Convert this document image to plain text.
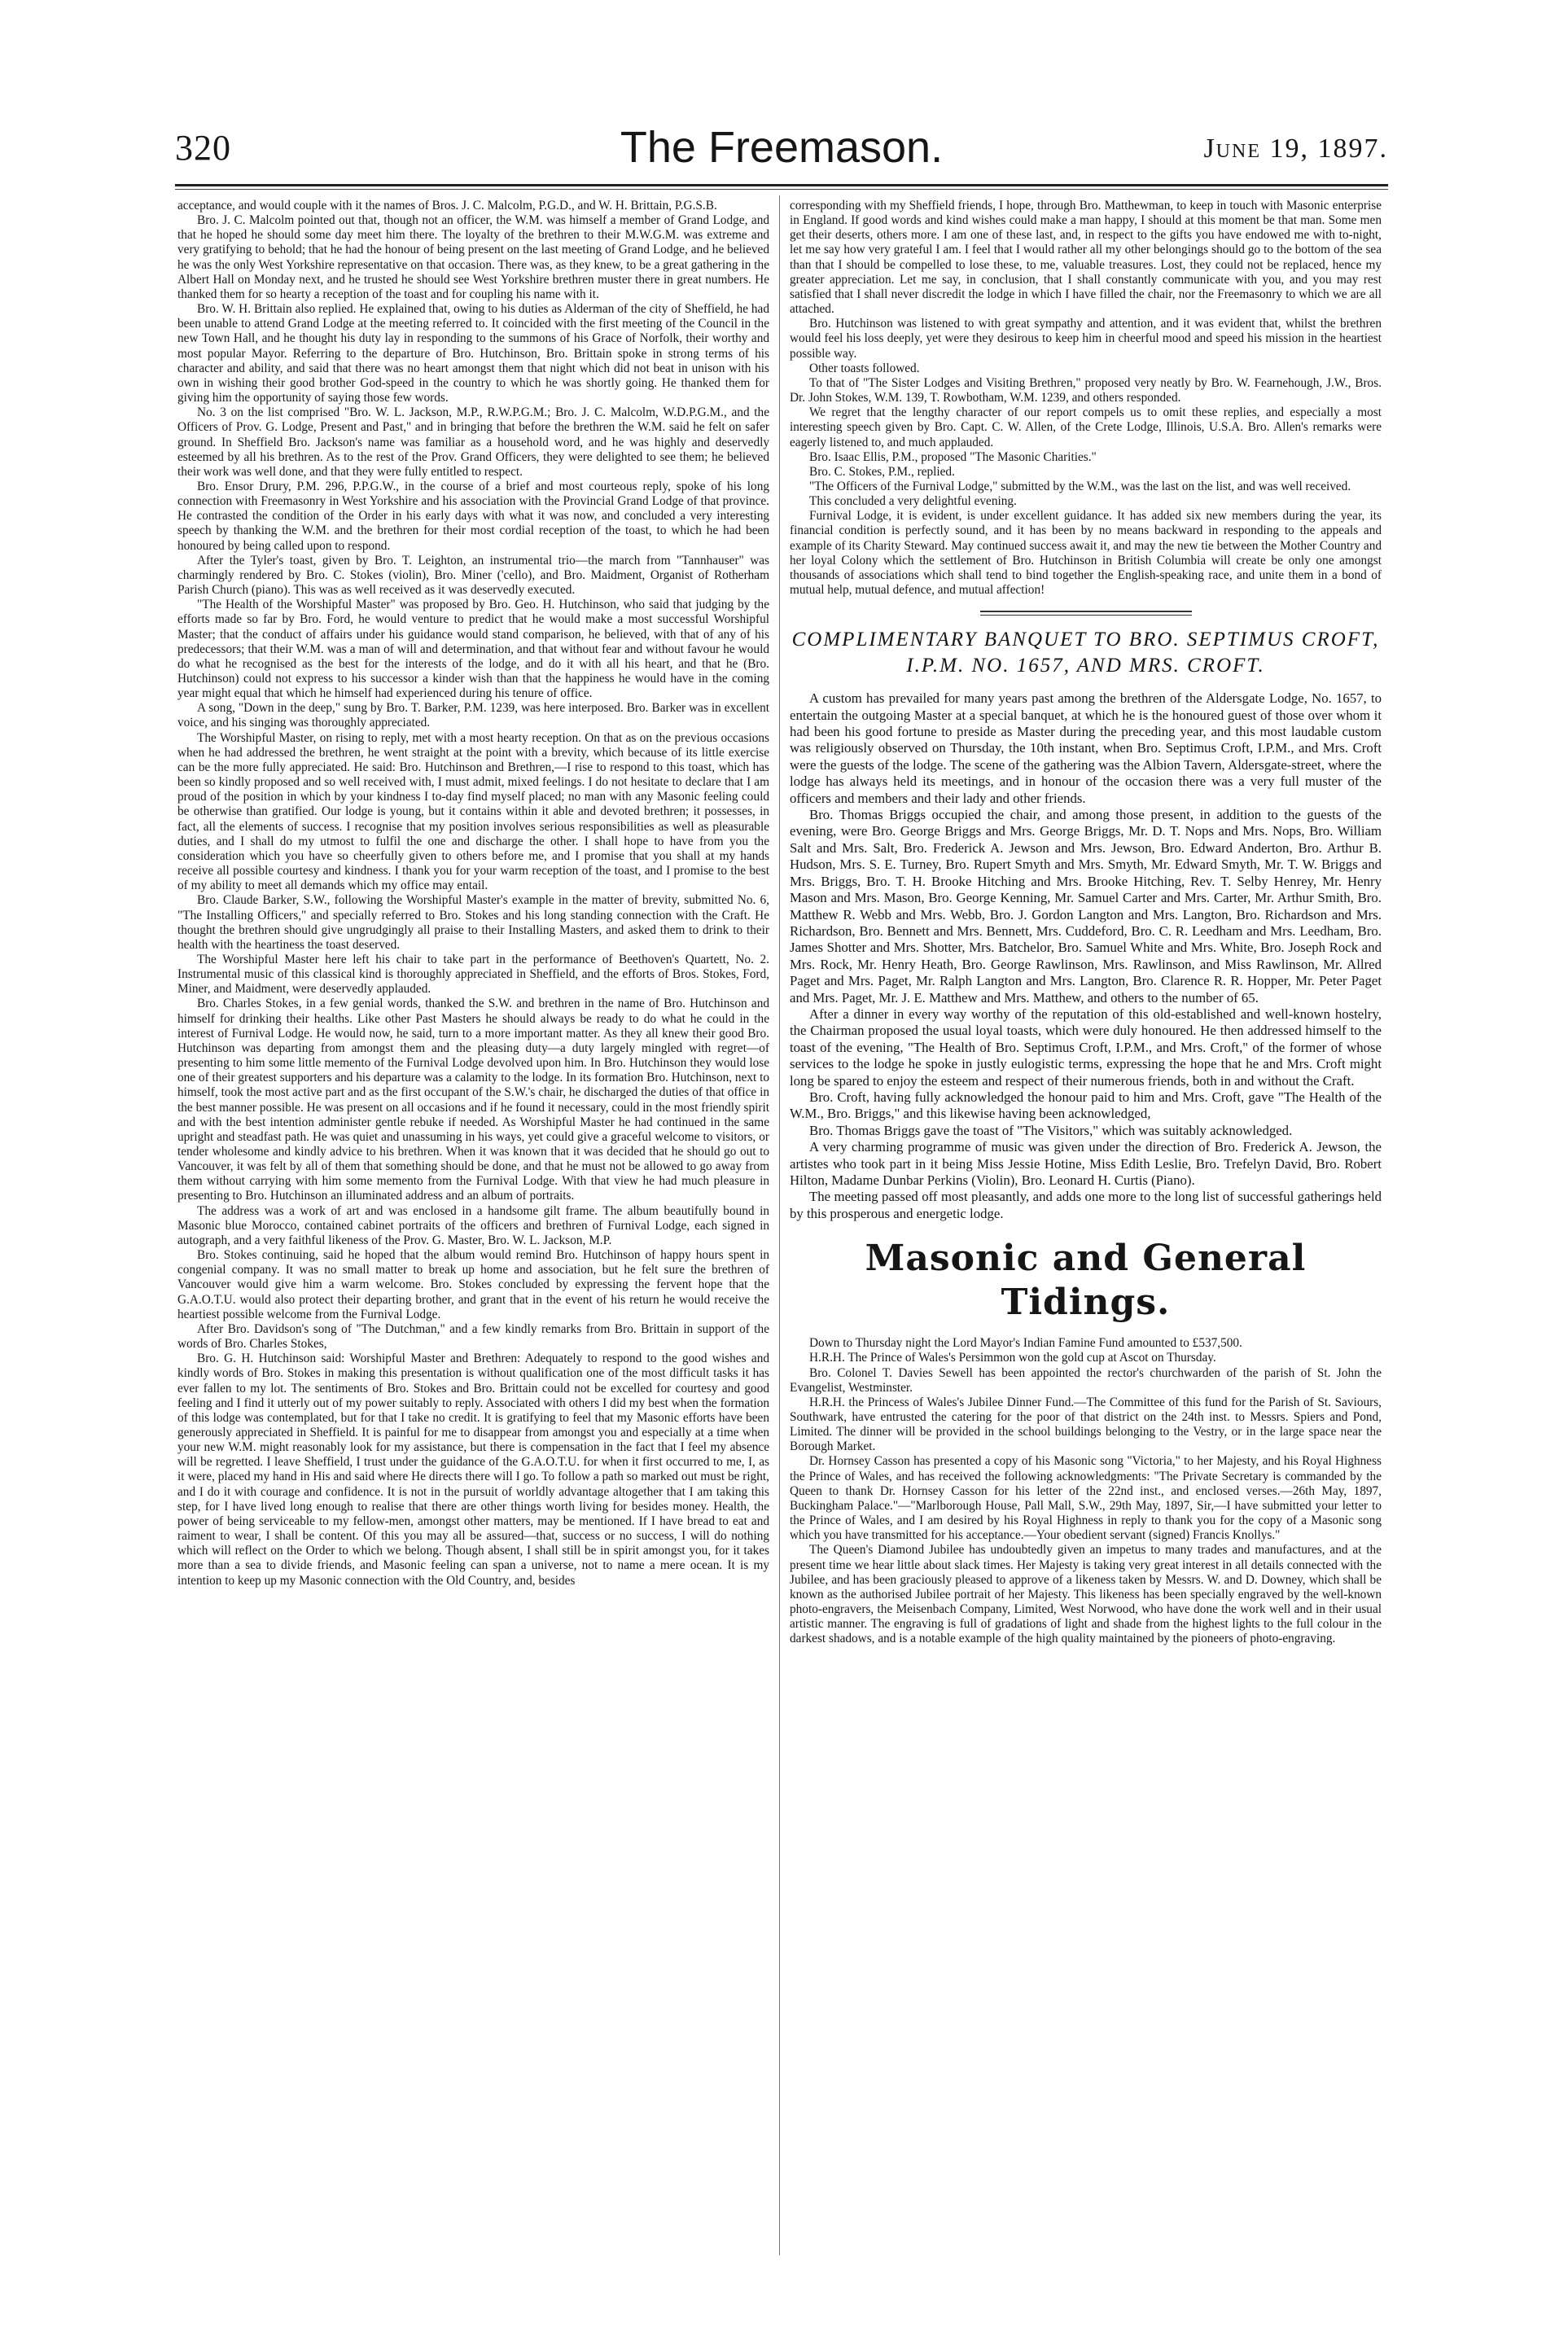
320	The Freemason.	June 19, 1897.

acceptance, and would couple with it the names of Bros. J. C. Malcolm, P.G.D., and W. H. Brittain, P.G.S.B.

Bro. J. C. Malcolm pointed out that, though not an officer, the W.M. was himself a member of Grand Lodge, and that he hoped he should some day meet him there. The loyalty of the brethren to their M.W.G.M. was extreme and very gratifying to behold; that he had the honour of being present on the last meeting of Grand Lodge, and he believed he was the only West Yorkshire representative on that occasion. There was, as they knew, to be a great gathering in the Albert Hall on Monday next, and he trusted he should see West Yorkshire brethren muster there in great numbers. He thanked them for so hearty a reception of the toast and for coupling his name with it.

Bro. W. H. Brittain also replied. He explained that, owing to his duties as Alderman of the city of Sheffield, he had been unable to attend Grand Lodge at the meeting referred to. It coincided with the first meeting of the Council in the new Town Hall, and he thought his duty lay in responding to the summons of his Grace of Norfolk, their worthy and most popular Mayor. Referring to the departure of Bro. Hutchinson, Bro. Brittain spoke in strong terms of his character and ability, and said that there was no heart amongst them that night which did not beat in unison with his own in wishing their good brother God-speed in the country to which he was shortly going. He thanked them for giving him the opportunity of saying those few words.

No. 3 on the list comprised "Bro. W. L. Jackson, M.P., R.W.P.G.M.; Bro. J. C. Malcolm, W.D.P.G.M., and the Officers of Prov. G. Lodge, Present and Past," and in bringing that before the brethren the W.M. said he felt on safer ground. In Sheffield Bro. Jackson's name was familiar as a household word, and he was highly and deservedly esteemed by all his brethren. As to the rest of the Prov. Grand Officers, they were delighted to see them; he believed their work was well done, and that they were fully entitled to respect.

Bro. Ensor Drury, P.M. 296, P.P.G.W., in the course of a brief and most courteous reply, spoke of his long connection with Freemasonry in West Yorkshire and his association with the Provincial Grand Lodge of that province. He contrasted the condition of the Order in his early days with what it was now, and concluded a very interesting speech by thanking the W.M. and the brethren for their most cordial reception of the toast, to which he had been honoured by being called upon to respond.

After the Tyler's toast, given by Bro. T. Leighton, an instrumental trio—the march from "Tannhauser" was charmingly rendered by Bro. C. Stokes (violin), Bro. Miner ('cello), and Bro. Maidment, Organist of Rotherham Parish Church (piano). This was as well received as it was deservedly executed.

"The Health of the Worshipful Master" was proposed by Bro. Geo. H. Hutchinson, who said that judging by the efforts made so far by Bro. Ford, he would venture to predict that he would make a most successful Worshipful Master; that the conduct of affairs under his guidance would stand comparison, he believed, with that of any of his predecessors; that their W.M. was a man of will and determination, and that without fear and without favour he would do what he recognised as the best for the interests of the lodge, and do it with all his heart, and that he (Bro. Hutchinson) could not express to his successor a kinder wish than that the happiness he would have in the coming year might equal that which he himself had experienced during his tenure of office.

A song, "Down in the deep," sung by Bro. T. Barker, P.M. 1239, was here interposed. Bro. Barker was in excellent voice, and his singing was thoroughly appreciated.

The Worshipful Master, on rising to reply, met with a most hearty reception. On that as on the previous occasions when he had addressed the brethren, he went straight at the point with a brevity, which because of its little exercise can be the more fully appreciated. He said: Bro. Hutchinson and Brethren,—I rise to respond to this toast, which has been so kindly proposed and so well received with, I must admit, mixed feelings. I do not hesitate to declare that I am proud of the position in which by your kindness I to-day find myself placed; no man with any Masonic feeling could be otherwise than gratified. Our lodge is young, but it contains within it able and devoted brethren; it possesses, in fact, all the elements of success. I recognise that my position involves serious responsibilities as well as pleasurable duties, and I shall do my utmost to fulfil the one and discharge the other. I shall hope to have from you the consideration which you have so cheerfully given to others before me, and I promise that you shall at my hands receive all possible courtesy and kindness. I thank you for your warm reception of the toast, and I promise to the best of my ability to meet all demands which my office may entail.

Bro. Claude Barker, S.W., following the Worshipful Master's example in the matter of brevity, submitted No. 6, "The Installing Officers," and specially referred to Bro. Stokes and his long standing connection with the Craft. He thought the brethren should give ungrudgingly all praise to their Installing Masters, and asked them to drink to their health with the heartiness the toast deserved.

The Worshipful Master here left his chair to take part in the performance of Beethoven's Quartett, No. 2. Instrumental music of this classical kind is thoroughly appreciated in Sheffield, and the efforts of Bros. Stokes, Ford, Miner, and Maidment, were deservedly applauded.

Bro. Charles Stokes, in a few genial words, thanked the S.W. and brethren in the name of Bro. Hutchinson and himself for drinking their healths. Like other Past Masters he should always be ready to do what he could in the interest of Furnival Lodge. He would now, he said, turn to a more important matter. As they all knew their good Bro. Hutchinson was departing from amongst them and the pleasing duty—a duty largely mingled with regret—of presenting to him some little memento of the Furnival Lodge devolved upon him. In Bro. Hutchinson they would lose one of their greatest supporters and his departure was a calamity to the lodge. In its formation Bro. Hutchinson, next to himself, took the most active part and as the first occupant of the S.W.'s chair, he discharged the duties of that office in the best manner possible. He was present on all occasions and if he found it necessary, could in the most friendly spirit and with the best intention administer gentle rebuke if needed. As Worshipful Master he had continued in the same upright and steadfast path. He was quiet and unassuming in his ways, yet could give a graceful welcome to visitors, or tender wholesome and kindly advice to his brethren. When it was known that it was decided that he should go out to Vancouver, it was felt by all of them that something should be done, and that he must not be allowed to go away from them without carrying with him some memento from the Furnival Lodge. With that view he had much pleasure in presenting to Bro. Hutchinson an illuminated address and an album of portraits.

The address was a work of art and was enclosed in a handsome gilt frame. The album beautifully bound in Masonic blue Morocco, contained cabinet portraits of the officers and brethren of Furnival Lodge, each signed in autograph, and a very faithful likeness of the Prov. G. Master, Bro. W. L. Jackson, M.P.

Bro. Stokes continuing, said he hoped that the album would remind Bro. Hutchinson of happy hours spent in congenial company. It was no small matter to break up home and association, but he felt sure the brethren of Vancouver would give him a warm welcome. Bro. Stokes concluded by expressing the fervent hope that the G.A.O.T.U. would also protect their departing brother, and grant that in the event of his return he would receive the heartiest possible welcome from the Furnival Lodge.

After Bro. Davidson's song of "The Dutchman," and a few kindly remarks from Bro. Brittain in support of the words of Bro. Charles Stokes,

Bro. G. H. Hutchinson said: Worshipful Master and Brethren: Adequately to respond to the good wishes and kindly words of Bro. Stokes in making this presentation is without qualification one of the most difficult tasks it has ever fallen to my lot. The sentiments of Bro. Stokes and Bro. Brittain could not be excelled for courtesy and good feeling and I find it utterly out of my power suitably to reply. Associated with others I did my best when the formation of this lodge was contemplated, but for that I take no credit. It is gratifying to feel that my Masonic efforts have been generously appreciated in Sheffield. It is painful for me to disappear from amongst you and especially at a time when your new W.M. might reasonably look for my assistance, but there is compensation in the fact that I feel my absence will be regretted. I leave Sheffield, I trust under the guidance of the G.A.O.T.U. for when it first occurred to me, I, as it were, placed my hand in His and said where He directs there will I go. To follow a path so marked out must be right, and I do it with courage and confidence. It is not in the pursuit of worldly advantage altogether that I am taking this step, for I have lived long enough to realise that there are other things worth living for besides money. Health, the power of being serviceable to my fellow-men, amongst other matters, may be mentioned. If I have bread to eat and raiment to wear, I shall be content. Of this you may all be assured—that, success or no success, I will do nothing which will reflect on the Order to which we belong. Though absent, I shall still be in spirit amongst you, for it takes more than a sea to divide friends, and Masonic feeling can span a universe, not to name a mere ocean. It is my intention to keep up my Masonic connection with the Old Country, and, besides

corresponding with my Sheffield friends, I hope, through Bro. Matthewman, to keep in touch with Masonic enterprise in England. If good words and kind wishes could make a man happy, I should at this moment be that man. Some men get their deserts, others more. I am one of these last, and, in respect to the gifts you have endowed me with to-night, let me say how very grateful I am. I feel that I would rather all my other belongings should go to the bottom of the sea than that I should be compelled to lose these, to me, valuable treasures. Lost, they could not be replaced, hence my greater appreciation. Let me say, in conclusion, that I shall constantly communicate with you, and you may rest satisfied that I shall never discredit the lodge in which I have filled the chair, nor the Freemasonry to which we are all attached.

Bro. Hutchinson was listened to with great sympathy and attention, and it was evident that, whilst the brethren would feel his loss deeply, yet were they desirous to keep him in cheerful mood and speed his mission in the heartiest possible way.

Other toasts followed.

To that of "The Sister Lodges and Visiting Brethren," proposed very neatly by Bro. W. Fearnehough, J.W., Bros. Dr. John Stokes, W.M. 139, T. Rowbotham, W.M. 1239, and others responded.

We regret that the lengthy character of our report compels us to omit these replies, and especially a most interesting speech given by Bro. Capt. C. W. Allen, of the Crete Lodge, Illinois, U.S.A. Bro. Allen's remarks were eagerly listened to, and much applauded.

Bro. Isaac Ellis, P.M., proposed "The Masonic Charities."

Bro. C. Stokes, P.M., replied.

"The Officers of the Furnival Lodge," submitted by the W.M., was the last on the list, and was well received.

This concluded a very delightful evening.

Furnival Lodge, it is evident, is under excellent guidance. It has added six new members during the year, its financial condition is perfectly sound, and it has been by no means backward in responding to the appeals and example of its Charity Steward. May continued success await it, and may the new tie between the Mother Country and her loyal Colony which the settlement of Bro. Hutchinson in British Columbia will create be only one amongst thousands of associations which shall tend to bind together the English-speaking race, and unite them in a bond of mutual help, mutual defence, and mutual affection!

COMPLIMENTARY BANQUET TO BRO. SEPTIMUS CROFT, I.P.M. NO. 1657, AND MRS. CROFT.

A custom has prevailed for many years past among the brethren of the Aldersgate Lodge, No. 1657, to entertain the outgoing Master at a special banquet, at which he is the honoured guest of those over whom it had been his good fortune to preside as Master during the preceding year, and this most laudable custom was religiously observed on Thursday, the 10th instant, when Bro. Septimus Croft, I.P.M., and Mrs. Croft were the guests of the lodge. The scene of the gathering was the Albion Tavern, Aldersgate-street, where the lodge has always held its meetings, and in honour of the occasion there was a very full muster of the officers and members and their lady and other friends.

Bro. Thomas Briggs occupied the chair, and among those present, in addition to the guests of the evening, were Bro. George Briggs and Mrs. George Briggs, Mr. D. T. Nops and Mrs. Nops, Bro. William Salt and Mrs. Salt, Bro. Frederick A. Jewson and Mrs. Jewson, Bro. Edward Anderton, Bro. Arthur B. Hudson, Mrs. S. E. Turney, Bro. Rupert Smyth and Mrs. Smyth, Mr. Edward Smyth, Mr. T. W. Briggs and Mrs. Briggs, Bro. T. H. Brooke Hitching and Mrs. Brooke Hitching, Rev. T. Selby Henrey, Mr. Henry Mason and Mrs. Mason, Bro. George Kenning, Mr. Samuel Carter and Mrs. Carter, Mr. Arthur Smith, Bro. Matthew R. Webb and Mrs. Webb, Bro. J. Gordon Langton and Mrs. Langton, Bro. Richardson and Mrs. Richardson, Bro. Bennett and Mrs. Bennett, Mrs. Cuddeford, Bro. C. R. Leedham and Mrs. Leedham, Bro. James Shotter and Mrs. Shotter, Mrs. Batchelor, Bro. Samuel White and Mrs. White, Bro. Joseph Rock and Mrs. Rock, Mr. Henry Heath, Bro. George Rawlinson, Mrs. Rawlinson, and Miss Rawlinson, Mr. Allred Paget and Mrs. Paget, Mr. Ralph Langton and Mrs. Langton, Bro. Clarence R. R. Hopper, Mr. Peter Paget and Mrs. Paget, Mr. J. E. Matthew and Mrs. Matthew, and others to the number of 65.

After a dinner in every way worthy of the reputation of this old-established and well-known hostelry, the Chairman proposed the usual loyal toasts, which were duly honoured. He then addressed himself to the toast of the evening, "The Health of Bro. Septimus Croft, I.P.M., and Mrs. Croft," of the former of whose services to the lodge he spoke in justly eulogistic terms, expressing the hope that he and Mrs. Croft might long be spared to enjoy the esteem and respect of their numerous friends, both in and without the Craft.

Bro. Croft, having fully acknowledged the honour paid to him and Mrs. Croft, gave "The Health of the W.M., Bro. Briggs," and this likewise having been acknowledged,

Bro. Thomas Briggs gave the toast of "The Visitors," which was suitably acknowledged.

A very charming programme of music was given under the direction of Bro. Frederick A. Jewson, the artistes who took part in it being Miss Jessie Hotine, Miss Edith Leslie, Bro. Trefelyn David, Bro. Robert Hilton, Madame Dunbar Perkins (Violin), Bro. Leonard H. Curtis (Piano).

The meeting passed off most pleasantly, and adds one more to the long list of successful gatherings held by this prosperous and energetic lodge.

Masonic and General Tidings.

Down to Thursday night the Lord Mayor's Indian Famine Fund amounted to £537,500.

H.R.H. The Prince of Wales's Persimmon won the gold cup at Ascot on Thursday.

Bro. Colonel T. Davies Sewell has been appointed the rector's churchwarden of the parish of St. John the Evangelist, Westminster.

H.R.H. the Princess of Wales's Jubilee Dinner Fund.—The Committee of this fund for the Parish of St. Saviours, Southwark, have entrusted the catering for the poor of that district on the 24th inst. to Messrs. Spiers and Pond, Limited. The dinner will be provided in the school buildings belonging to the Vestry, or in the large space near the Borough Market.

Dr. Hornsey Casson has presented a copy of his Masonic song "Victoria," to her Majesty, and his Royal Highness the Prince of Wales, and has received the following acknowledgments: "The Private Secretary is commanded by the Queen to thank Dr. Hornsey Casson for his letter of the 22nd inst., and enclosed verses.—26th May, 1897, Buckingham Palace."—"Marlborough House, Pall Mall, S.W., 29th May, 1897, Sir,—I have submitted your letter to the Prince of Wales, and I am desired by his Royal Highness in reply to thank you for the copy of a Masonic song which you have transmitted for his acceptance.—Your obedient servant (signed) Francis Knollys."

The Queen's Diamond Jubilee has undoubtedly given an impetus to many trades and manufactures, and at the present time we hear little about slack times. Her Majesty is taking very great interest in all details connected with the Jubilee, and has been graciously pleased to approve of a likeness taken by Messrs. W. and D. Downey, which shall be known as the authorised Jubilee portrait of her Majesty. This likeness has been specially engraved by the well-known photo-engravers, the Meisenbach Company, Limited, West Norwood, who have done the work well and in their usual artistic manner. The engraving is full of gradations of light and shade from the highest lights to the full colour in the darkest shadows, and is a notable example of the high quality maintained by the pioneers of photo-engraving.
